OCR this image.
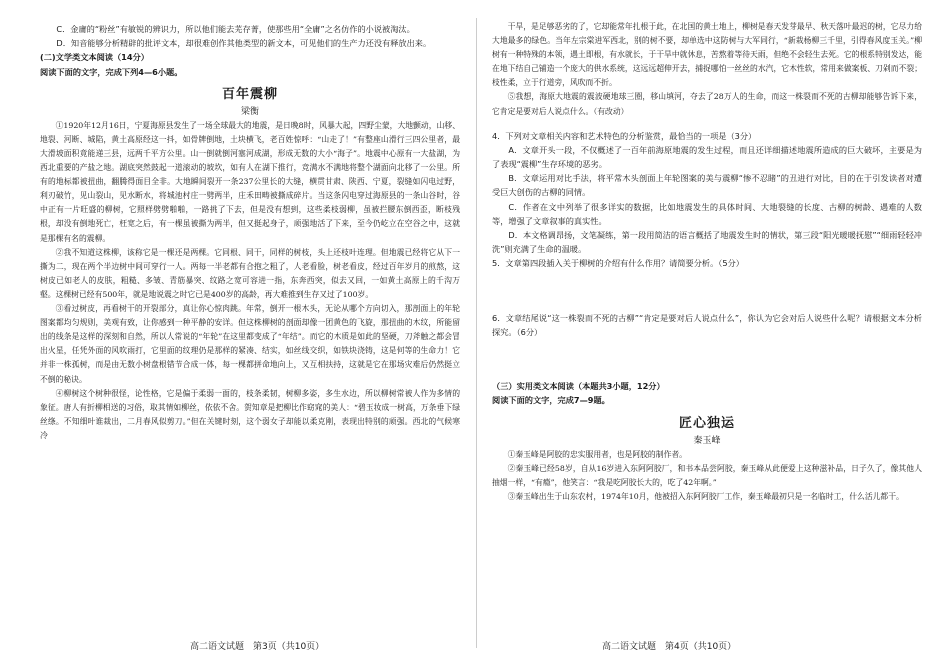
C．金庸的“粉丝”有敏锐的辨识力，所以他们能去芜存菁，使那些用“全庸”之名仿作的小说被淘汰。

D．知音能够分析精辟的批评文本，却很难创作其他类型的新文本，可见他们的生产力还没有释放出来。

(二)文学类文本阅读（14分）

阅读下面的文字，完成下列4—6小题。

百年震柳
梁衡

①1920年12月16日，宁夏海原县发生了一场全球最大的地震，是日晚8时，风暴大起，四野尘蒙，大地颤动，山移、地裂、河断、城陷，黄土高原经这一抖，如骨牌倒地，土块横飞，老百姓惊呼：“山走了！”有整座山滑行三四公里者，最大滑坡面积竟能递三县，远两千平方公里。山一倒就倒河塞河成湖，形成无数的大小“海子”。地震中心原有一大盐湖，为西北重要的产盐之地。湖底突然鼓起一道滚动的坡坎，如有人在湖下推行，竞满水不满地将整个湖面向北移了一公里。所有的地标都被扭曲，翻腾得面目全非。大地瞬间裂开一条237公里长的大缝，横贯甘肃、陕西、宁夏，裂缝如闪电过野，利刃破竹，见山裂山，见水断水，将城池村庄一劈两半，庄禾田畴被撕成碎片。当这条闪电穿过海原县的一条山谷时，谷中正有一片旺盛的柳树，它照样劈劈啪啪，一路挑了下去，但是没有想到，这些柔枝弱柳，虽被拦腰东倒西歪，断枝残根，却没有倒地死亡，枉宽之后，有一棵虽被撕为两半，但又挺起身子，顽强地活了下来，至今仍屹立在空谷之中，这就是那棵有名的震柳。

②我不知道这株柳，该称它是一棵还是两棵。它同根、同干，同样的树枝，头上还枝叶连理。但地震已经将它从下一撕为二，现在两个半边树中间可穿行一人。两每一半老都有合抱之粗了，人老看脸，树老看皮，经过百年岁月的煎熬，这树皮已如老人的皮肤，粗糙、多皱、青筋暴突、纹路之宽可容进一指，东奔西突，似去又回，一如黄土高原上的千沟万壑。这棵树已经有500年，就是地说震之时它已是400岁的高龄，再大难推到生存又过了100岁。

③看过树皮，再看树干的开裂部分，真让你心惊肉跳。年常，倒开一根木头，无论从哪个方向切入，那剖面上的年轮图案都均匀规则，美观有致，让你感到一种平静的安详。但这株柳树的剖面却像一团黄色的飞旋，那扭曲的木纹，所能留出的线条是这样的深刻和自然，所以人常说的“年轮”在这里都变成了“年结”。而它的木质是如此的坚硬，刀斧触之都会冒出火星，任凭外面的风吹雨打，它里面的纹理仍是那样的紧凑、结实，如丝线交织，如铁块浇铸，这是何等的生命力！它并非一株孤树，而是由无数小树盘根错节合成一体，每一棵都拼命地向上，又互相扶持，这就是它在那场灾难后仍然挺立不倒的秘诀。

④柳树这个树种很怪，论性格，它是偏于柔弱一面的，枝条柔韧，树柳多姿，多生水边，所以柳树常被人作为多情的象征。唐人有折柳相送的习俗，取其情如柳丝，依依不舍。贺知章是把柳比作窈窕的美人：“碧玉妆成一树高，万条垂下绿丝绦。不知细叶谁裁出，二月春风似剪刀。”但在关键时刻，这个弱女子却能以柔克刚，表现出特别的顽强。西北的气候寒冷

高二语文试题　第3页（共10页）

干旱，是足够恶劣的了，它却能常年扎根于此，在北国的黄土地上，柳树是春天发芽最早、秋天落叶最迟的树，它尽力给大地最多的绿色。当年左宗棠进军西北，别的树不要，却单选中这防树与大军同行，“新栽杨柳三千里，引得春风度玉关。”柳树有一种特殊的本领，遇土即根，有水就长，于干旱中就休息，苦熬着等待天雨，但绝不会轻生去死。它的根系特别发达，能在地下结自己铺造一个庞大的供水系统，这远远超伸开去，捕捉哪怕一丝丝的水汽，它木性软，常用来做案板、刀剁而不裂；枝性柔，立于行道旁，风吹而不折。

⑤我想，海原大地震的震波硬地球三圈，移山填河，夺去了28万人的生命，而这一株裂而不死的古柳却能够告诉下来，它肯定是要对后人说点什么。（有改动）

4．下列对文章相关内容和艺术特色的分析鉴赏，最恰当的一项是（3分）

A．文章开头一段，不仅概述了一百年前海原地震的发生过程，而且还详细描述地震所造成的巨大破坏，主要是为了表现“震柳”生存环境的恶劣。

B．文章运用对比手法，将平常木头剖面上年轮图案的美与震柳“惨不忍睹”的丑进行对比，目的在于引发读者对遭受巨大创伤的古柳的同情。

C．作者在文中列举了很多详实的数据，比如地震发生的具体时间、大地裂缝的长度、古柳的树龄、遇难的人数等，增强了文章叙事的真实性。

D．本文格调昂扬，文笔凝练，第一段用简洁的语言概括了地震发生时的情状，第三段“阳光暖暖抚慰”“细雨轻轻冲洗”则充满了生命的温暖。

5．文章第四段插入关于柳树的介绍有什么作用？请简要分析。（5分）

6．文章结尾说“这一株裂而不死的古柳”“肯定是要对后人说点什么”，你认为它会对后人说些什么呢？请根据文本分析探究。（6分）

（三）实用类文本阅读（本题共3小题，12分）

阅读下面的文字，完成7—9题。

匠心独运
秦玉峰

①秦玉峰是阿胶的忠实服用者，也是阿胶的制作者。

②秦玉峰已经58岁，自从16岁进入东阿阿胶厂，和书本品尝阿胶，秦玉峰从此便爱上这种滋补品，日子久了，像其他人抽烟一样，“有瘾”，他笑言：“我是吃阿胶长大的，吃了42年啊。”

③秦玉峰出生于山东农村，1974年10月，他被招入东阿阿胶厂工作，秦玉峰最初只是一名临时工，什么活儿都干。

高二语文试题　第4页（共10页）
